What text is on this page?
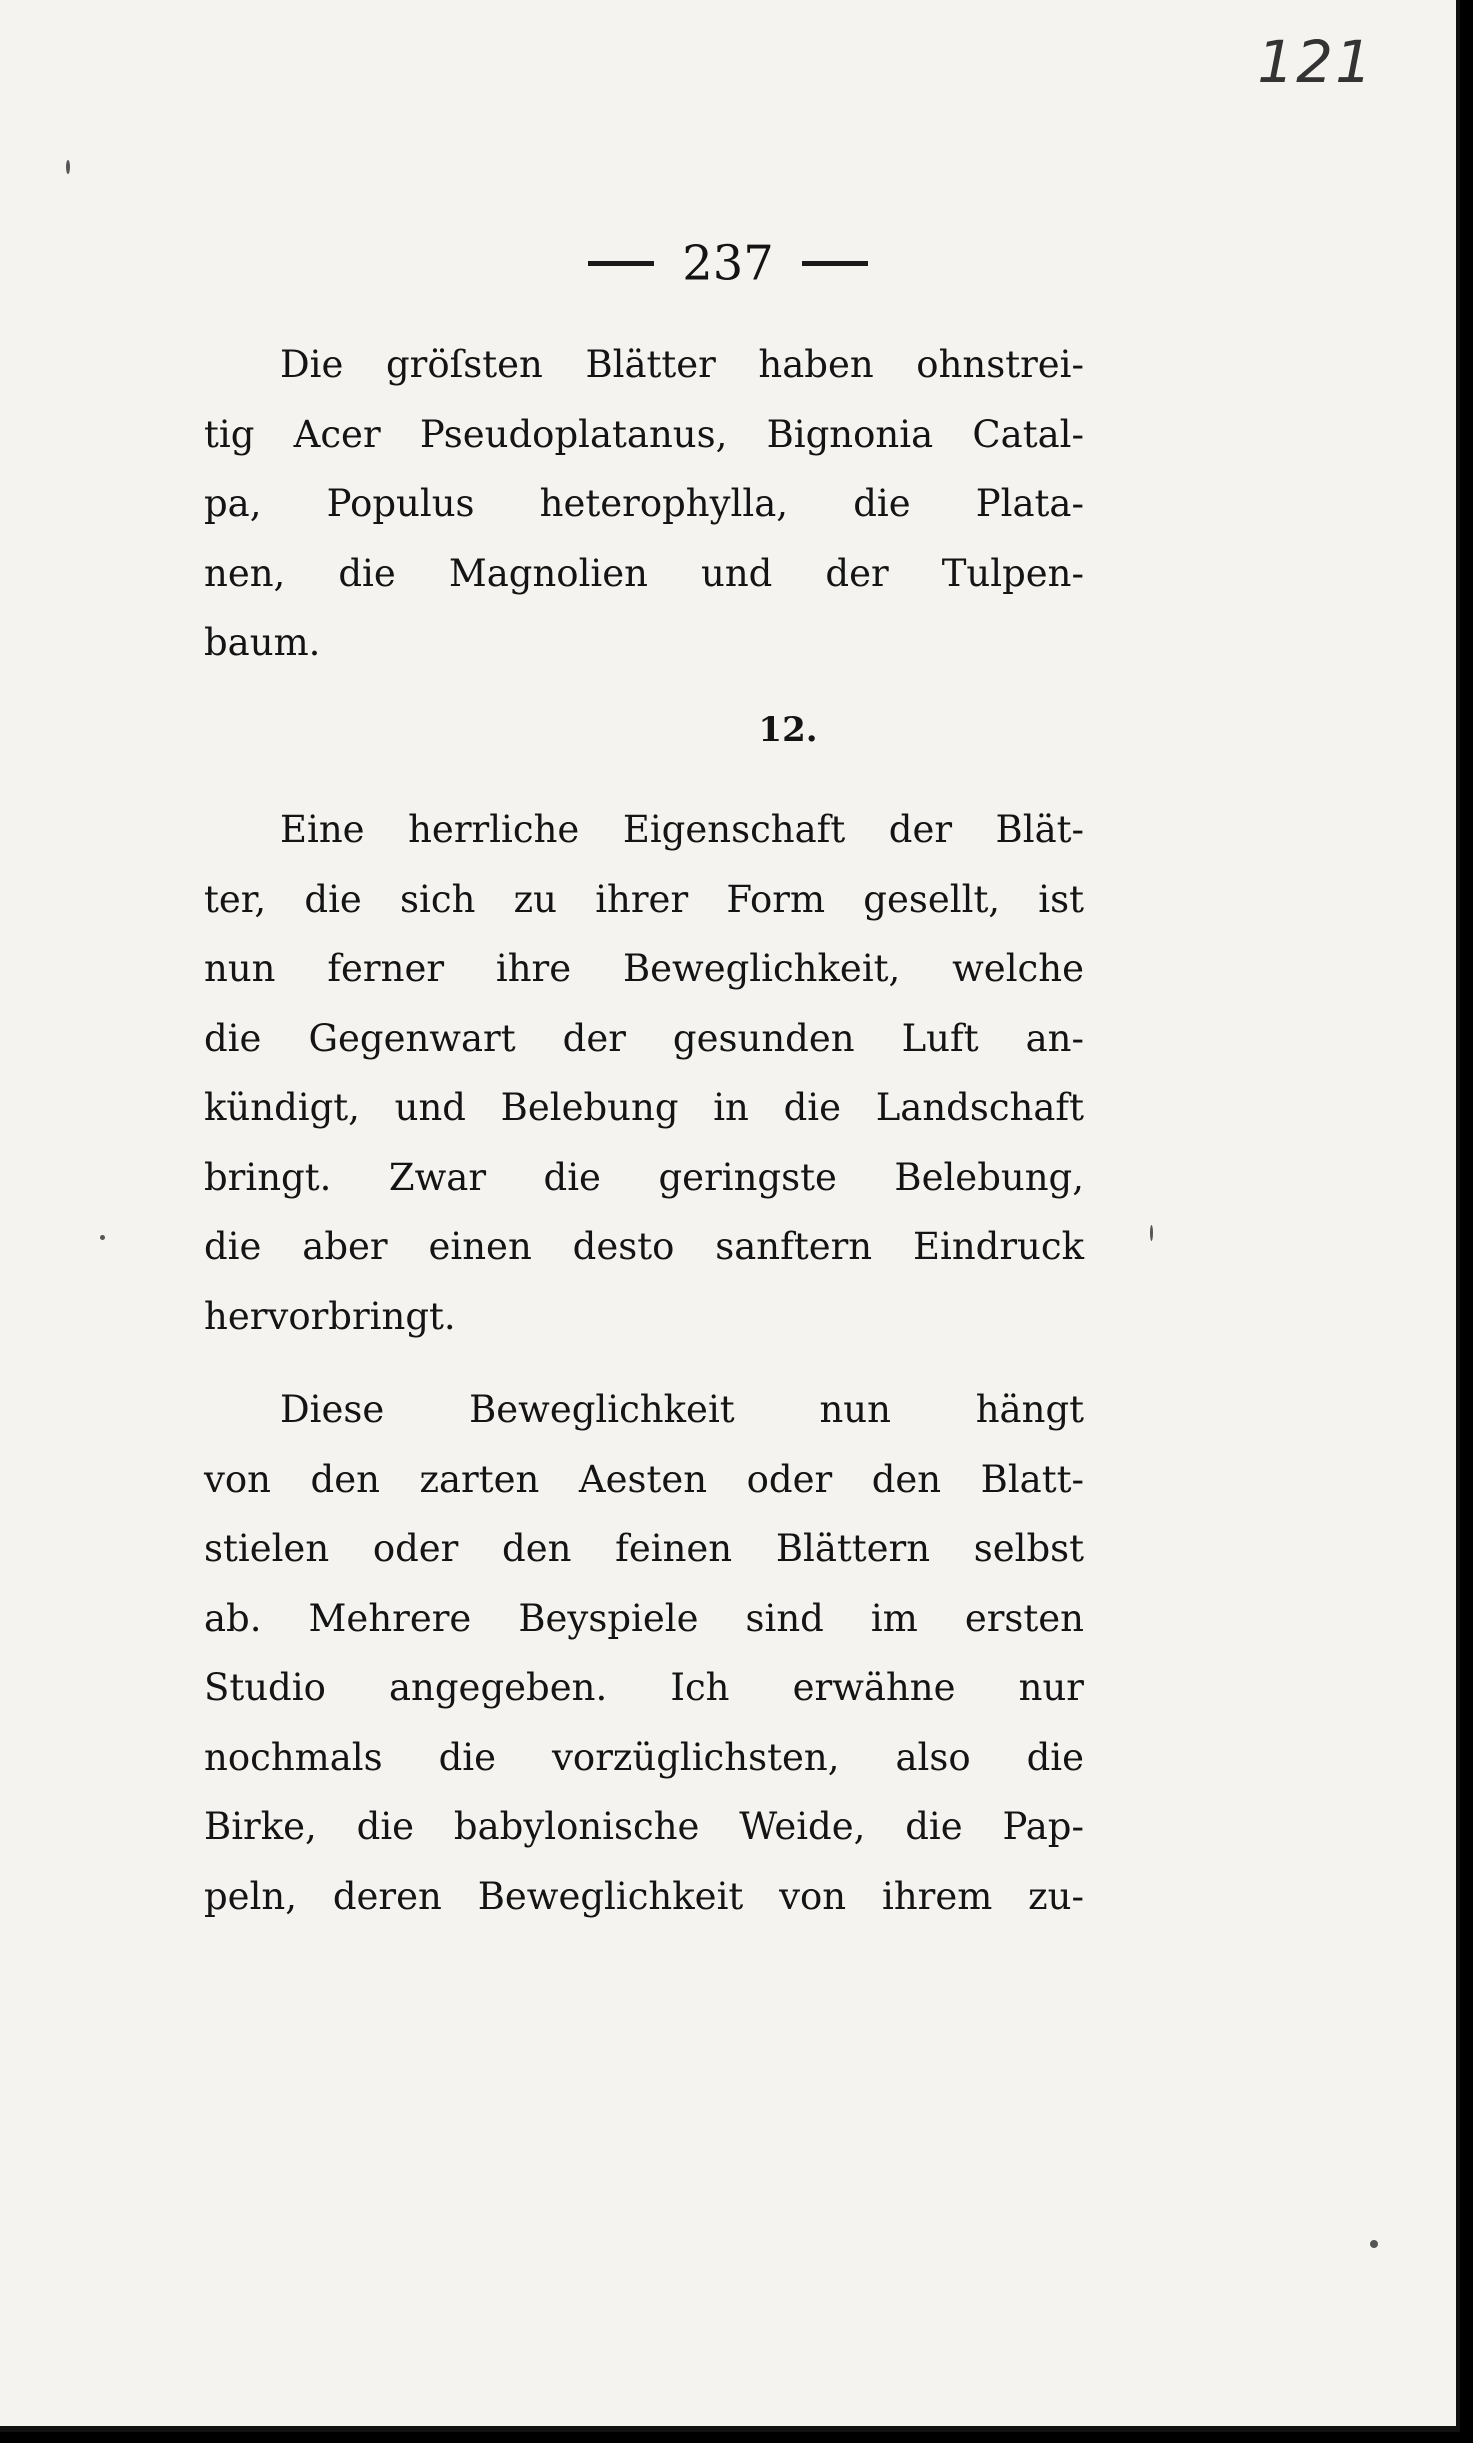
121
237
Die gröſsten Blätter haben ohnstrei-
tig Acer Pseudoplatanus, Bignonia Catal-
pa, Populus heterophylla, die Plata-
nen, die Magnolien und der Tulpen-
baum.
12.
Eine herrliche Eigenschaft der Blät-
ter, die sich zu ihrer Form gesellt, ist
nun ferner ihre Beweglichkeit, welche
die Gegenwart der gesunden Luft an-
kündigt, und Belebung in die Landschaft
bringt. Zwar die geringste Belebung,
die aber einen desto sanftern Eindruck
hervorbringt.
Diese Beweglichkeit nun hängt
von den zarten Aesten oder den Blatt-
stielen oder den feinen Blättern selbst
ab. Mehrere Beyspiele sind im ersten
Studio angegeben. Ich erwähne nur
nochmals die vorzüglichsten, also die
Birke, die babylonische Weide, die Pap-
peln, deren Beweglichkeit von ihrem zu-
